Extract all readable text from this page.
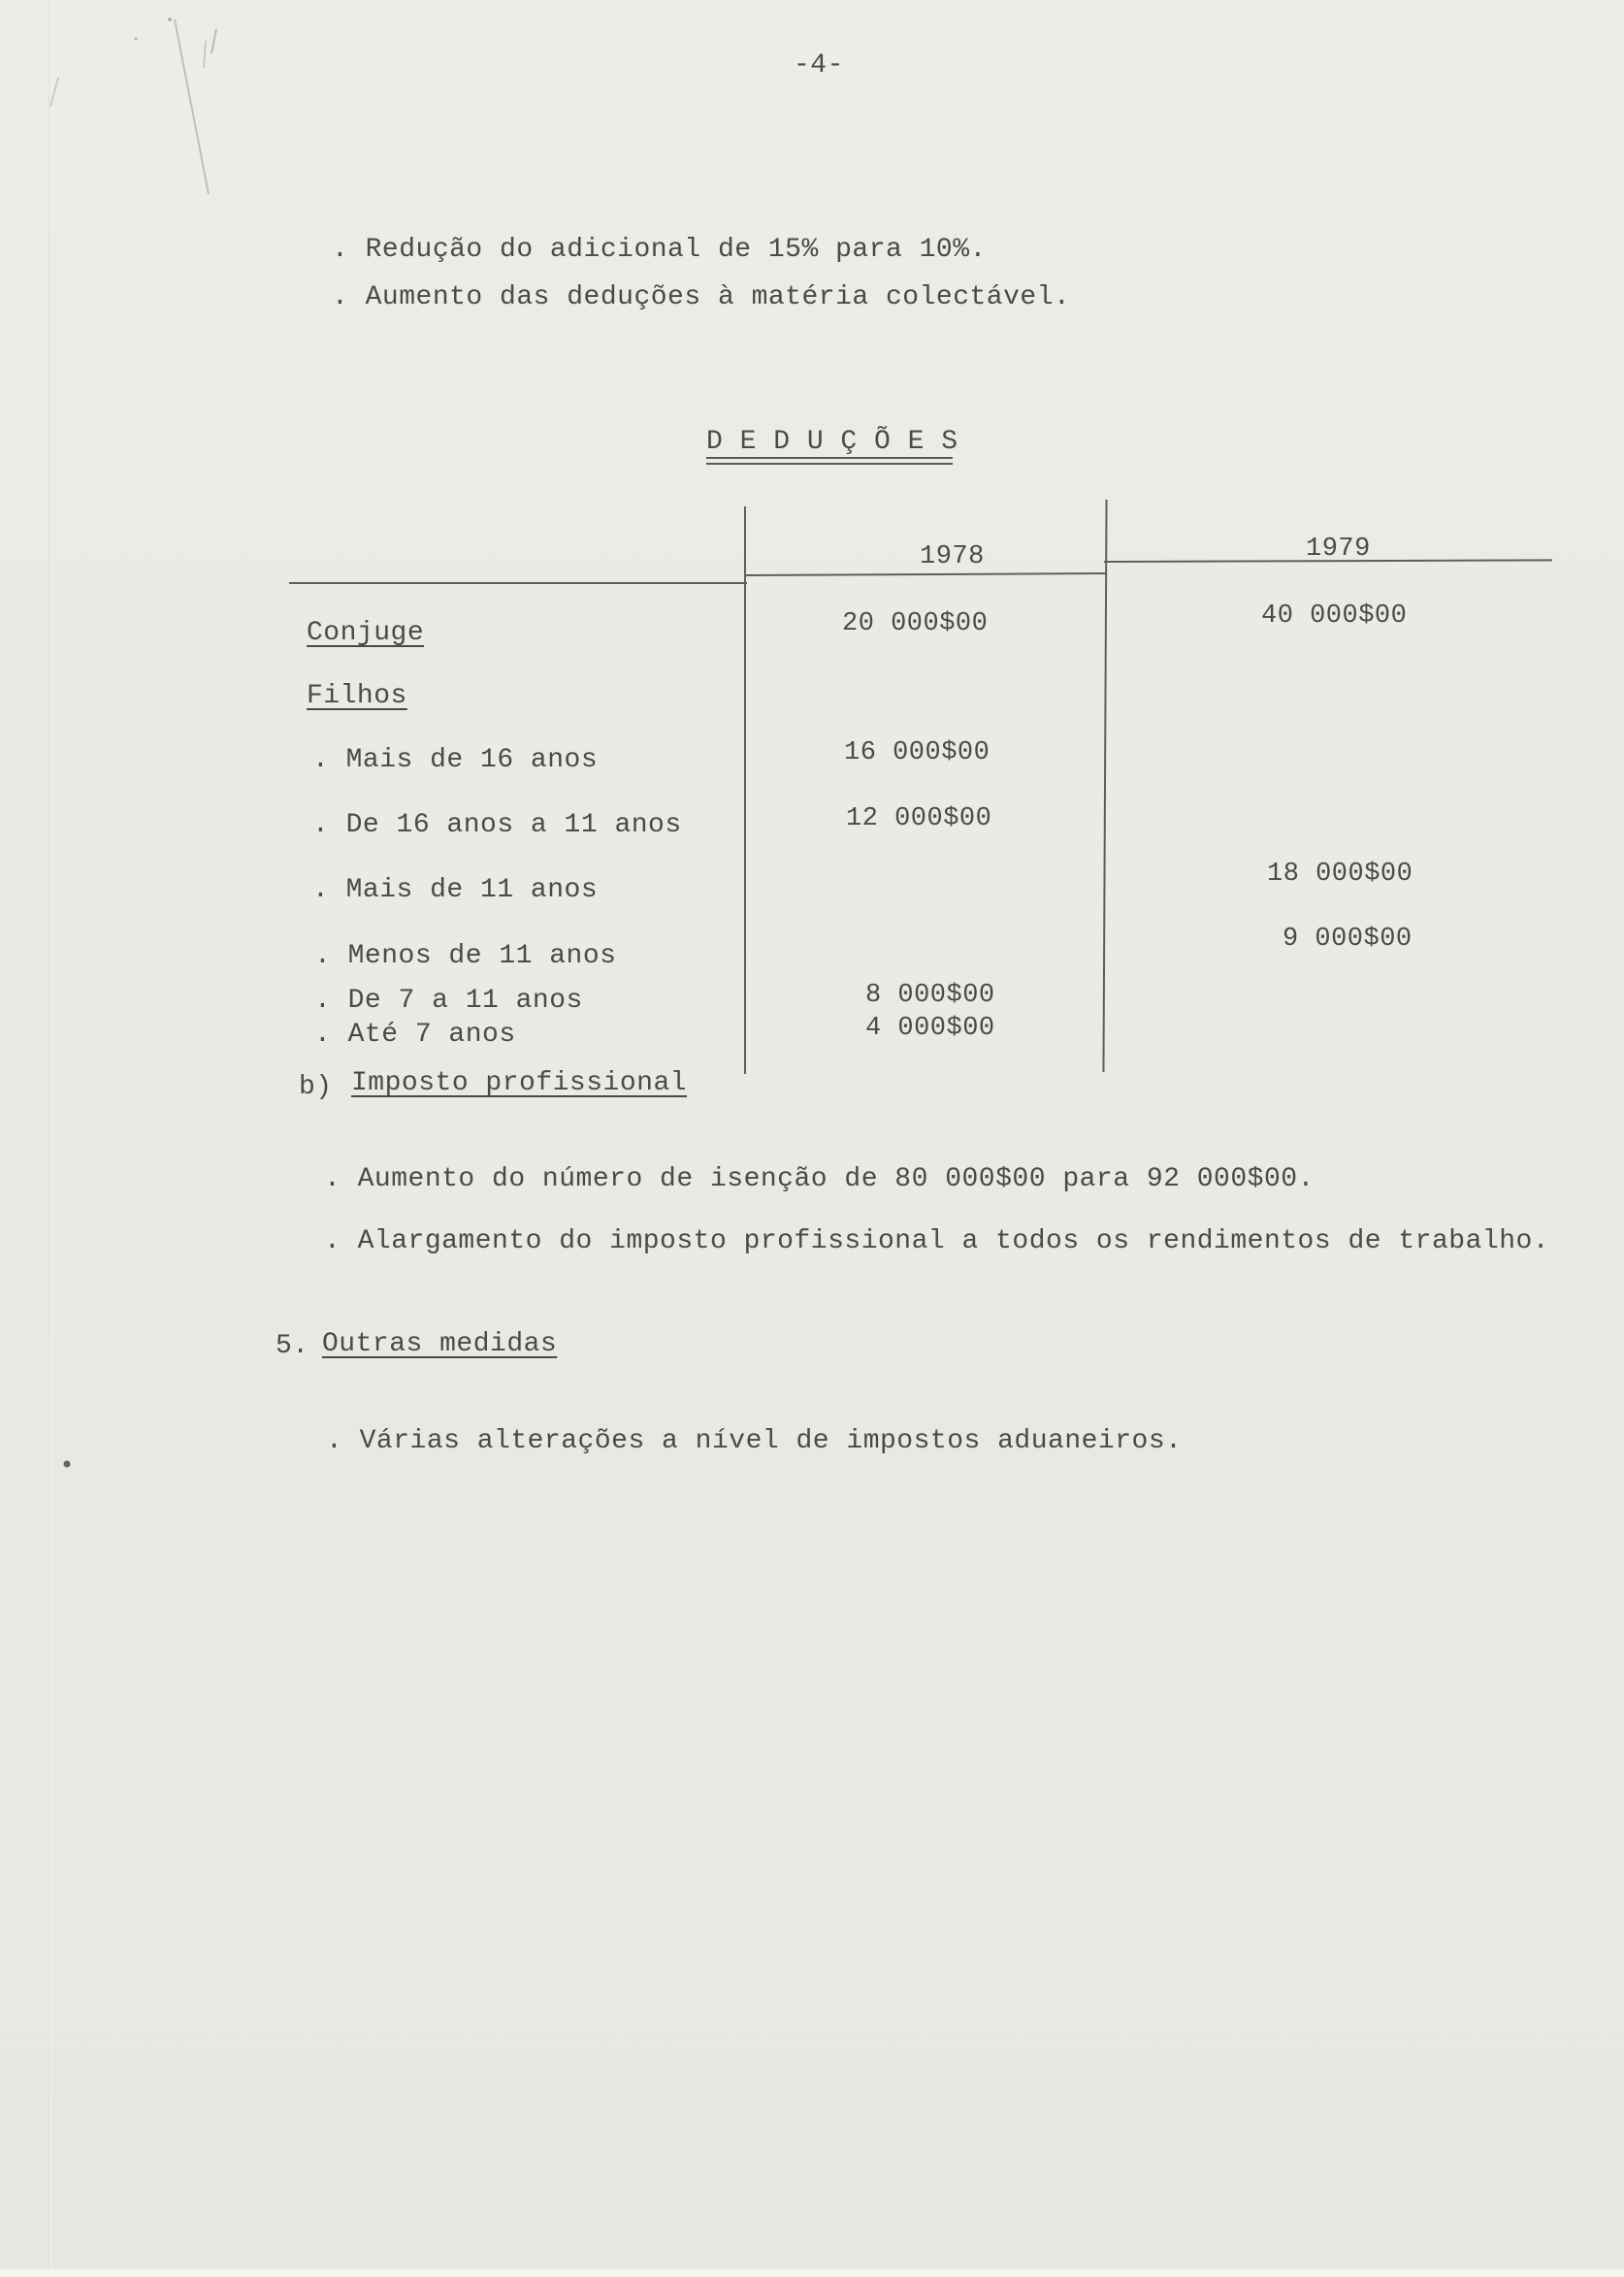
-4-
. Redução do adicional de 15% para 10%.
. Aumento das deduções à matéria colectável.
D E D U Ç Õ E S
1978	1979
Conjuge
Filhos
. Mais de 16 anos
. De 16 anos a 11 anos
. Mais de 11 anos
. Menos de 11 anos
. De 7 a 11 anos
. Até 7 anos
20 000$00
16 000$00
12 000$00
8 000$00
4 000$00
40 000$00
18 000$00
9 000$00
b) Imposto profissional
. Aumento do número de isenção de 80 000$00 para 92 000$00.
. Alargamento do imposto profissional a todos os rendimentos de trabalho.
5. Outras medidas
. Várias alterações a nível de impostos aduaneiros.
